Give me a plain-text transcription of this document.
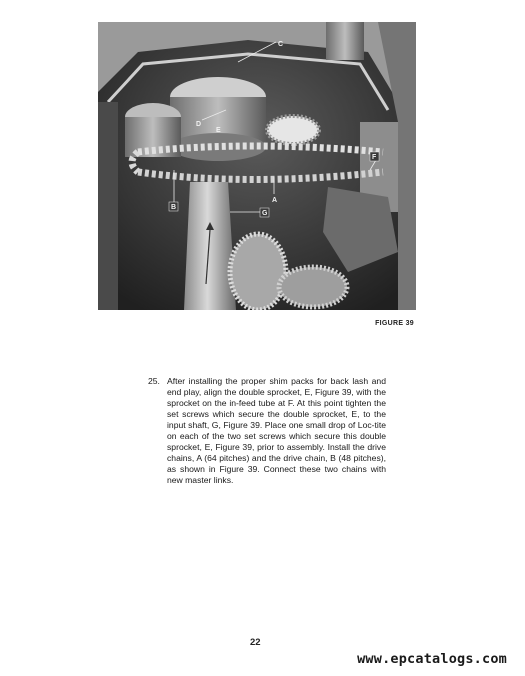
C
D
E
F
A
B
G
FIGURE 39
25. After installing the proper shim packs for back lash and end play, align the double sprocket, E, Figure 39, with the sprocket on the in-feed tube at F. At this point tighten the set screws which secure the double sprocket, E, to the input shaft, G, Figure 39. Place one small drop of Loc-tite on each of the two set screws which secure this double sprocket, E, Figure 39, prior to assembly. Install the drive chains, A (64 pitches) and the drive chain, B (48 pitches), as shown in Figure 39. Connect these two chains with new master links.
22
www.epcatalogs.com
